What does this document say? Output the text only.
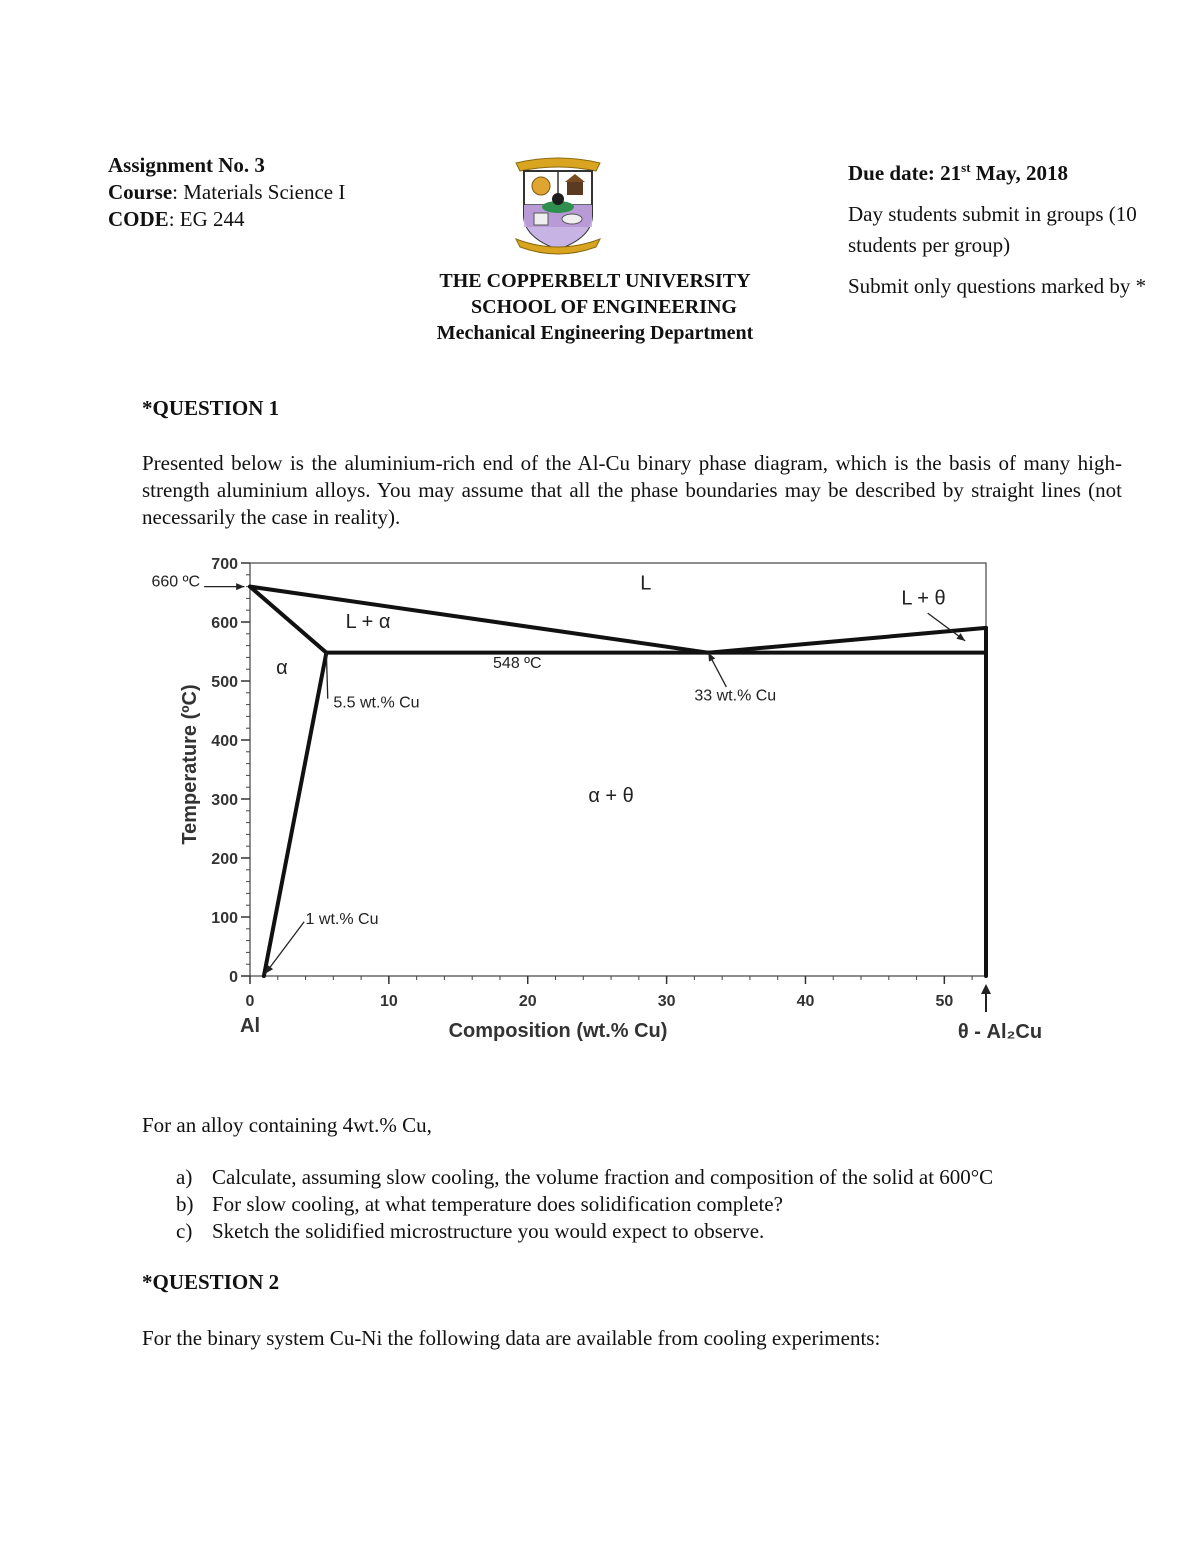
Assignment No. 3
Course: Materials Science I
CODE: EG 244
THE COPPERBELT UNIVERSITY
SCHOOL OF ENGINEERING
Mechanical Engineering Department
Due date: 21st May, 2018

Day students submit in groups (10 students per group)

Submit only questions marked by *

*QUESTION 1
Presented below is the aluminium-rich end of the Al-Cu binary phase diagram, which is the basis of many high-strength aluminium alloys. You may assume that all the phase boundaries may be described by straight lines (not necessarily the case in reality).
0	10	20	30	40	50
0
100
200
300
400
500
600
700
Composition (wt.% Cu)
Temperature (ºC)
Al	θ - Al₂Cu
L
L + α
α
α + θ
L + θ
660 ºC
548 ºC
5.5 wt.% Cu	33 wt.% Cu
1 wt.% Cu
For an alloy containing 4wt.% Cu,
a) Calculate, assuming slow cooling, the volume fraction and composition of the solid at 600°C
b) For slow cooling, at what temperature does solidification complete?
c) Sketch the solidified microstructure you would expect to observe.
*QUESTION 2
For the binary system Cu-Ni the following data are available from cooling experiments:
